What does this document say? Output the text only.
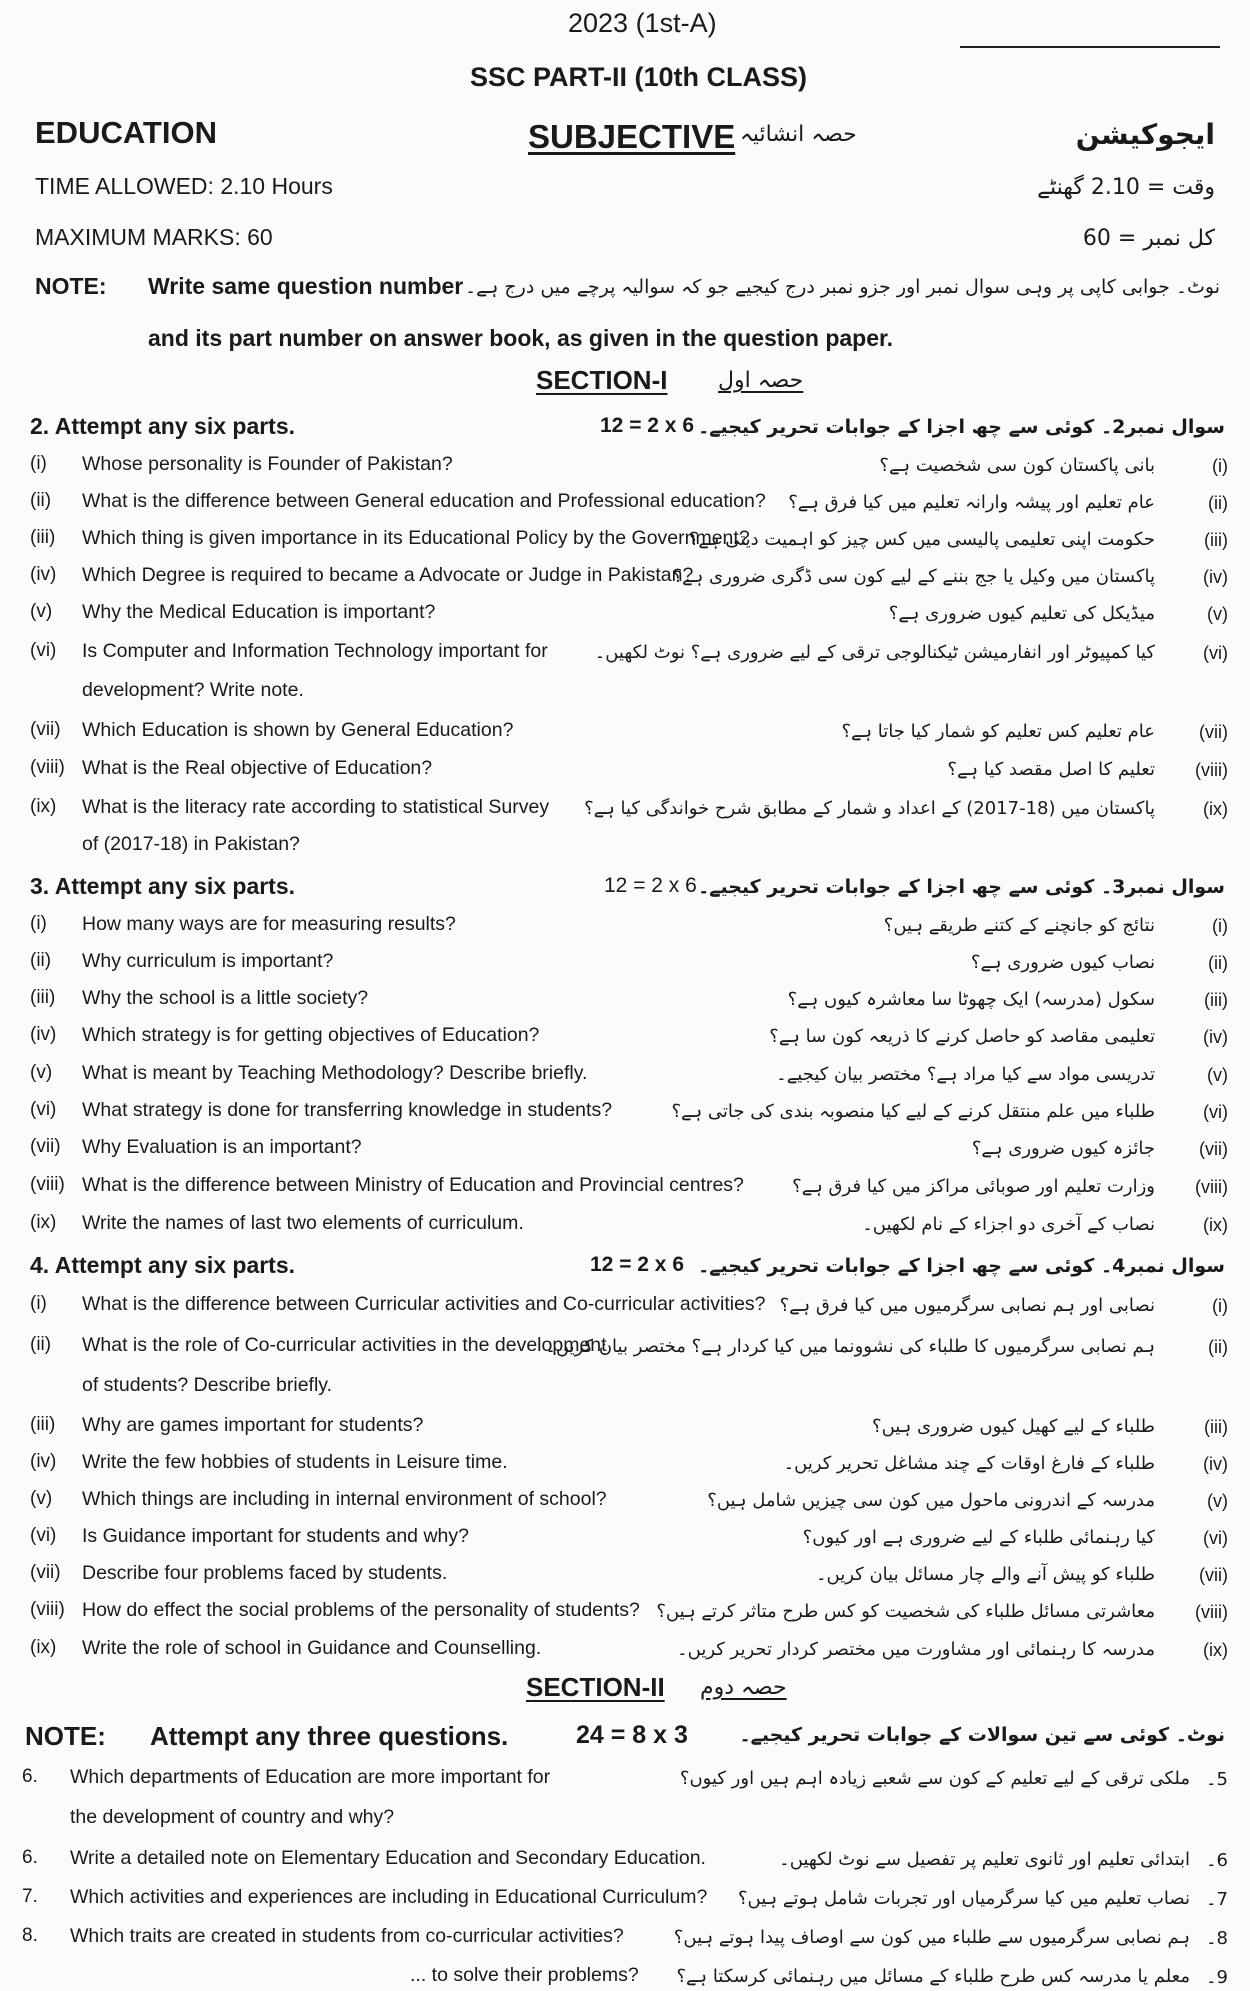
2023 (1st-A)
SSC PART-II (10th CLASS)
EDUCATION	SUBJECTIVE حصہ انشائیہ	ایجوکیشن
TIME ALLOWED: 2.10 Hours	وقت = 2.10 گھنٹے
MAXIMUM MARKS: 60	کل نمبر = 60
NOTE: Write same question number نوٹ۔ جوابی کاپی پر وہی سوال نمبر اور جزو نمبر درج کیجیے جو کہ سوالیہ پرچے میں درج ہے۔
and its part number on answer book, as given in the question paper.
SECTION-I حصہ اول
2. Attempt any six parts.	12 = 2 x 6 سوال نمبر2۔ کوئی سے چھ اجزا کے جوابات تحریر کیجیے۔
(i) Whose personality is Founder of Pakistan?	بانی پاکستان کون سی شخصیت ہے؟	(i)
(ii) What is the difference between General education and Professional education? عام تعلیم اور پیشہ وارانہ تعلیم میں کیا فرق ہے؟	(ii)
(iii) Which thing is given importance in its Educational Policy by the Government?
حکومت اپنی تعلیمی پالیسی میں کس چیز کو اہمیت دیتی ہے؟	(iii)
(iv) Which Degree is required to became a Advocate or Judge in Pakistan?
پاکستان میں وکیل یا جج بننے کے لیے کون سی ڈگری ضروری ہے؟	(iv)
(v) Why the Medical Education is important?	میڈیکل کی تعلیم کیوں ضروری ہے؟	(v)
(vi) Is Computer and Information Technology important for
development? Write note.
کیا کمپیوٹر اور انفارمیشن ٹیکنالوجی ترقی کے لیے ضروری ہے؟ نوٹ لکھیں۔	(vi)
(vii) Which Education is shown by General Education?	عام تعلیم کس تعلیم کو شمار کیا جاتا ہے؟ (vii)
(viii) What is the Real objective of Education?	تعلیم کا اصل مقصد کیا ہے؟ (viii)
(ix) What is the literacy rate according to statistical Survey
of (2017-18) in Pakistan?
پاکستان میں (18-2017) کے اعداد و شمار کے مطابق شرح خواندگی کیا ہے؟	(ix)
3. Attempt any six parts.	12 = 2 x 6 سوال نمبر3۔ کوئی سے چھ اجزا کے جوابات تحریر کیجیے۔
(i) How many ways are for measuring results?	نتائج کو جانچنے کے کتنے طریقے ہیں؟	(i)
(ii) Why curriculum is important?	نصاب کیوں ضروری ہے؟	(ii)
(iii) Why the school is a little society?	سکول (مدرسہ) ایک چھوٹا سا معاشرہ کیوں ہے؟	(iii)
(iv) Which strategy is for getting objectives of Education?	تعلیمی مقاصد کو حاصل کرنے کا ذریعہ کون سا ہے؟	(iv)
(v) What is meant by Teaching Methodology? Describe briefly.	تدریسی مواد سے کیا مراد ہے؟ مختصر بیان کیجیے۔	(v)
(vi) What strategy is done for transferring knowledge in students?	طلباء میں علم منتقل کرنے کے لیے کیا منصوبہ بندی کی جاتی ہے؟	(vi)
(vii) Why Evaluation is an important?	جائزہ کیوں ضروری ہے؟ (vii)
(viii) What is the difference between Ministry of Education and Provincial centres?	وزارت تعلیم اور صوبائی مراکز میں کیا فرق ہے؟ (viii)
(ix) Write the names of last two elements of curriculum.	نصاب کے آخری دو اجزاء کے نام لکھیں۔	(ix)
4. Attempt any six parts.	12 = 2 x 6 سوال نمبر4۔ کوئی سے چھ اجزا کے جوابات تحریر کیجیے۔
(i) What is the difference between Curricular activities and Co-curricular activities? نصابی اور ہم نصابی سرگرمیوں میں کیا فرق ہے؟	(i)
(ii) What is the role of Co-curricular activities in the development
of students? Describe briefly.
ہم نصابی سرگرمیوں کا طلباء کی نشوونما میں کیا کردار ہے؟ مختصر بیان کریں۔	(ii)
(iii) Why are games important for students?	طلباء کے لیے کھیل کیوں ضروری ہیں؟	(iii)
(iv) Write the few hobbies of students in Leisure time.	طلباء کے فارغ اوقات کے چند مشاغل تحریر کریں۔	(iv)
(v) Which things are including in internal environment of school?	مدرسہ کے اندرونی ماحول میں کون سی چیزیں شامل ہیں؟	(v)
(vi) Is Guidance important for students and why?	کیا رہنمائی طلباء کے لیے ضروری ہے اور کیوں؟	(vi)
(vii) Describe four problems faced by students.	طلباء کو پیش آنے والے چار مسائل بیان کریں۔ (vii)
(viii) How do effect the social problems of the personality of students? معاشرتی مسائل طلباء کی شخصیت کو کس طرح متاثر کرتے ہیں؟ (viii)
(ix) Write the role of school in Guidance and Counselling.	مدرسہ کا رہنمائی اور مشاورت میں مختصر کردار تحریر کریں۔	(ix)
SECTION-II حصہ دوم
NOTE: Attempt any three questions.	24 = 8 x 3	نوٹ۔ کوئی سے تین سوالات کے جوابات تحریر کیجیے۔
6. Which departments of Education are more important for
the development of country and why?
ملکی ترقی کے لیے تعلیم کے کون سے شعبے زیادہ اہم ہیں اور کیوں؟ 5۔
6. Write a detailed note on Elementary Education and Secondary Education.	ابتدائی تعلیم اور ثانوی تعلیم پر تفصیل سے نوٹ لکھیں۔ 6۔
7. Which activities and experiences are including in Educational Curriculum? نصاب تعلیم میں کیا سرگرمیاں اور تجربات شامل ہوتے ہیں؟ 7۔
8. Which traits are created in students from co-curricular activities?	ہم نصابی سرگرمیوں سے طلباء میں کون سے اوصاف پیدا ہوتے ہیں؟ 8۔
... to solve their problems? معلم یا مدرسہ کس طرح طلباء کے مسائل میں رہنمائی کرسکتا ہے؟ 9۔
